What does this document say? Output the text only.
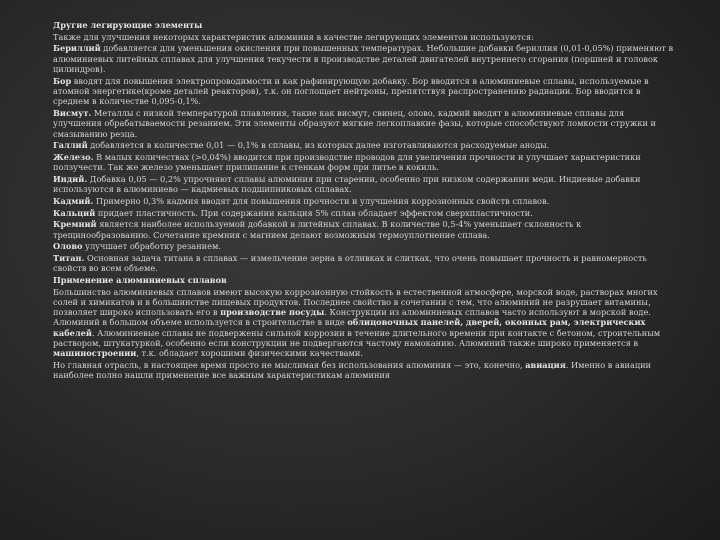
Другие легирующие элементы
Также для улучшения некоторых характеристик алюминия в качестве легирующих элементов используются:
Бериллий добавляется для уменьшения окисления при повышенных температурах. Небольшие добавки бериллия (0,01-0,05%) применяют в алюминиевых литейных сплавах для улучшения текучести в производстве деталей двигателей внутреннего сгорания (поршней и головок цилиндров).
Бор вводят для повышения электропроводимости и как рафинирующую добавку. Бор вводится в алюминиевые сплавы, используемые в атомной энергетике(кроме деталей реакторов), т.к. он поглощает нейтроны, препятствуя распространению радиации. Бор вводится в среднем в количестве 0,095-0,1%.
Висмут. Металлы с низкой температурой плавления, такие как висмут, свинец, олово, кадмий вводят в алюминиевые сплавы для улучшения обрабатываемости резанием. Эти элементы образуют мягкие легкоплавкие фазы, которые способствуют ломкости стружки и смазыванию резца.
Галлий добавляется в количестве 0,01 — 0,1% в сплавы, из которых далее изготавливаются расходуемые аноды.
Железо. В малых количествах (>0,04%) вводится при производстве проводов для увеличения прочности и улучшает характеристики ползучести. Так же железо уменьшает прилипание к стенкам форм при литье в кокиль.
Индий. Добавка 0,05 — 0,2% упрочняют сплавы алюминия при старении, особенно при низком содержании меди. Индиевые добавки используются в алюминиево — кадмиевых подшипниковых сплавах.
Кадмий. Примерно 0,3% кадмия вводят для повышения прочности и улучшения коррозионных свойств сплавов.
Кальций придает пластичность. При содержании кальция 5% сплав обладает эффектом сверхпластичности.
Кремний является наиболее используемой добавкой в литейных сплавах. В количестве 0,5-4% уменьшает склонность к трещинообразованию. Сочетание кремния с магнием делают возможным термоуплотнение сплава.
Олово улучшает обработку резанием.
Титан. Основная задача титана в сплавах — измельчение зерна в отливках и слитках, что очень повышает прочность и равномерность свойств во всем объеме.
Применение алюминиевых сплавов
Большинство алюминиевых сплавов имеют высокую коррозионную стойкость в естественной атмосфере, морской воде, растворах многих солей и химикатов и в большинстве пищевых продуктов. Последнее свойство в сочетании с тем, что алюминий не разрушает витамины, позволяет широко использовать его в производстве посуды. Конструкции из алюминиевых сплавов часто используют в морской воде. Алюминий в большом объеме используется в строительстве в виде облицовочных панелей, дверей, оконных рам, электрических кабелей. Алюминиевые сплавы не подвержены сильной коррозии в течение длительного времени при контакте с бетоном, строительным раствором, штукатуркой, особенно если конструкции не подвергаются частому намоканию. Алюминий также широко применяется в машиностроении, т.к. обладает хорошими физическими качествами.
Но главная отрасль, в настоящее время просто не мыслимая без использования алюминия — это, конечно, авиация. Именно в авиации наиболее полно нашли применение все важным характеристикам алюминия
